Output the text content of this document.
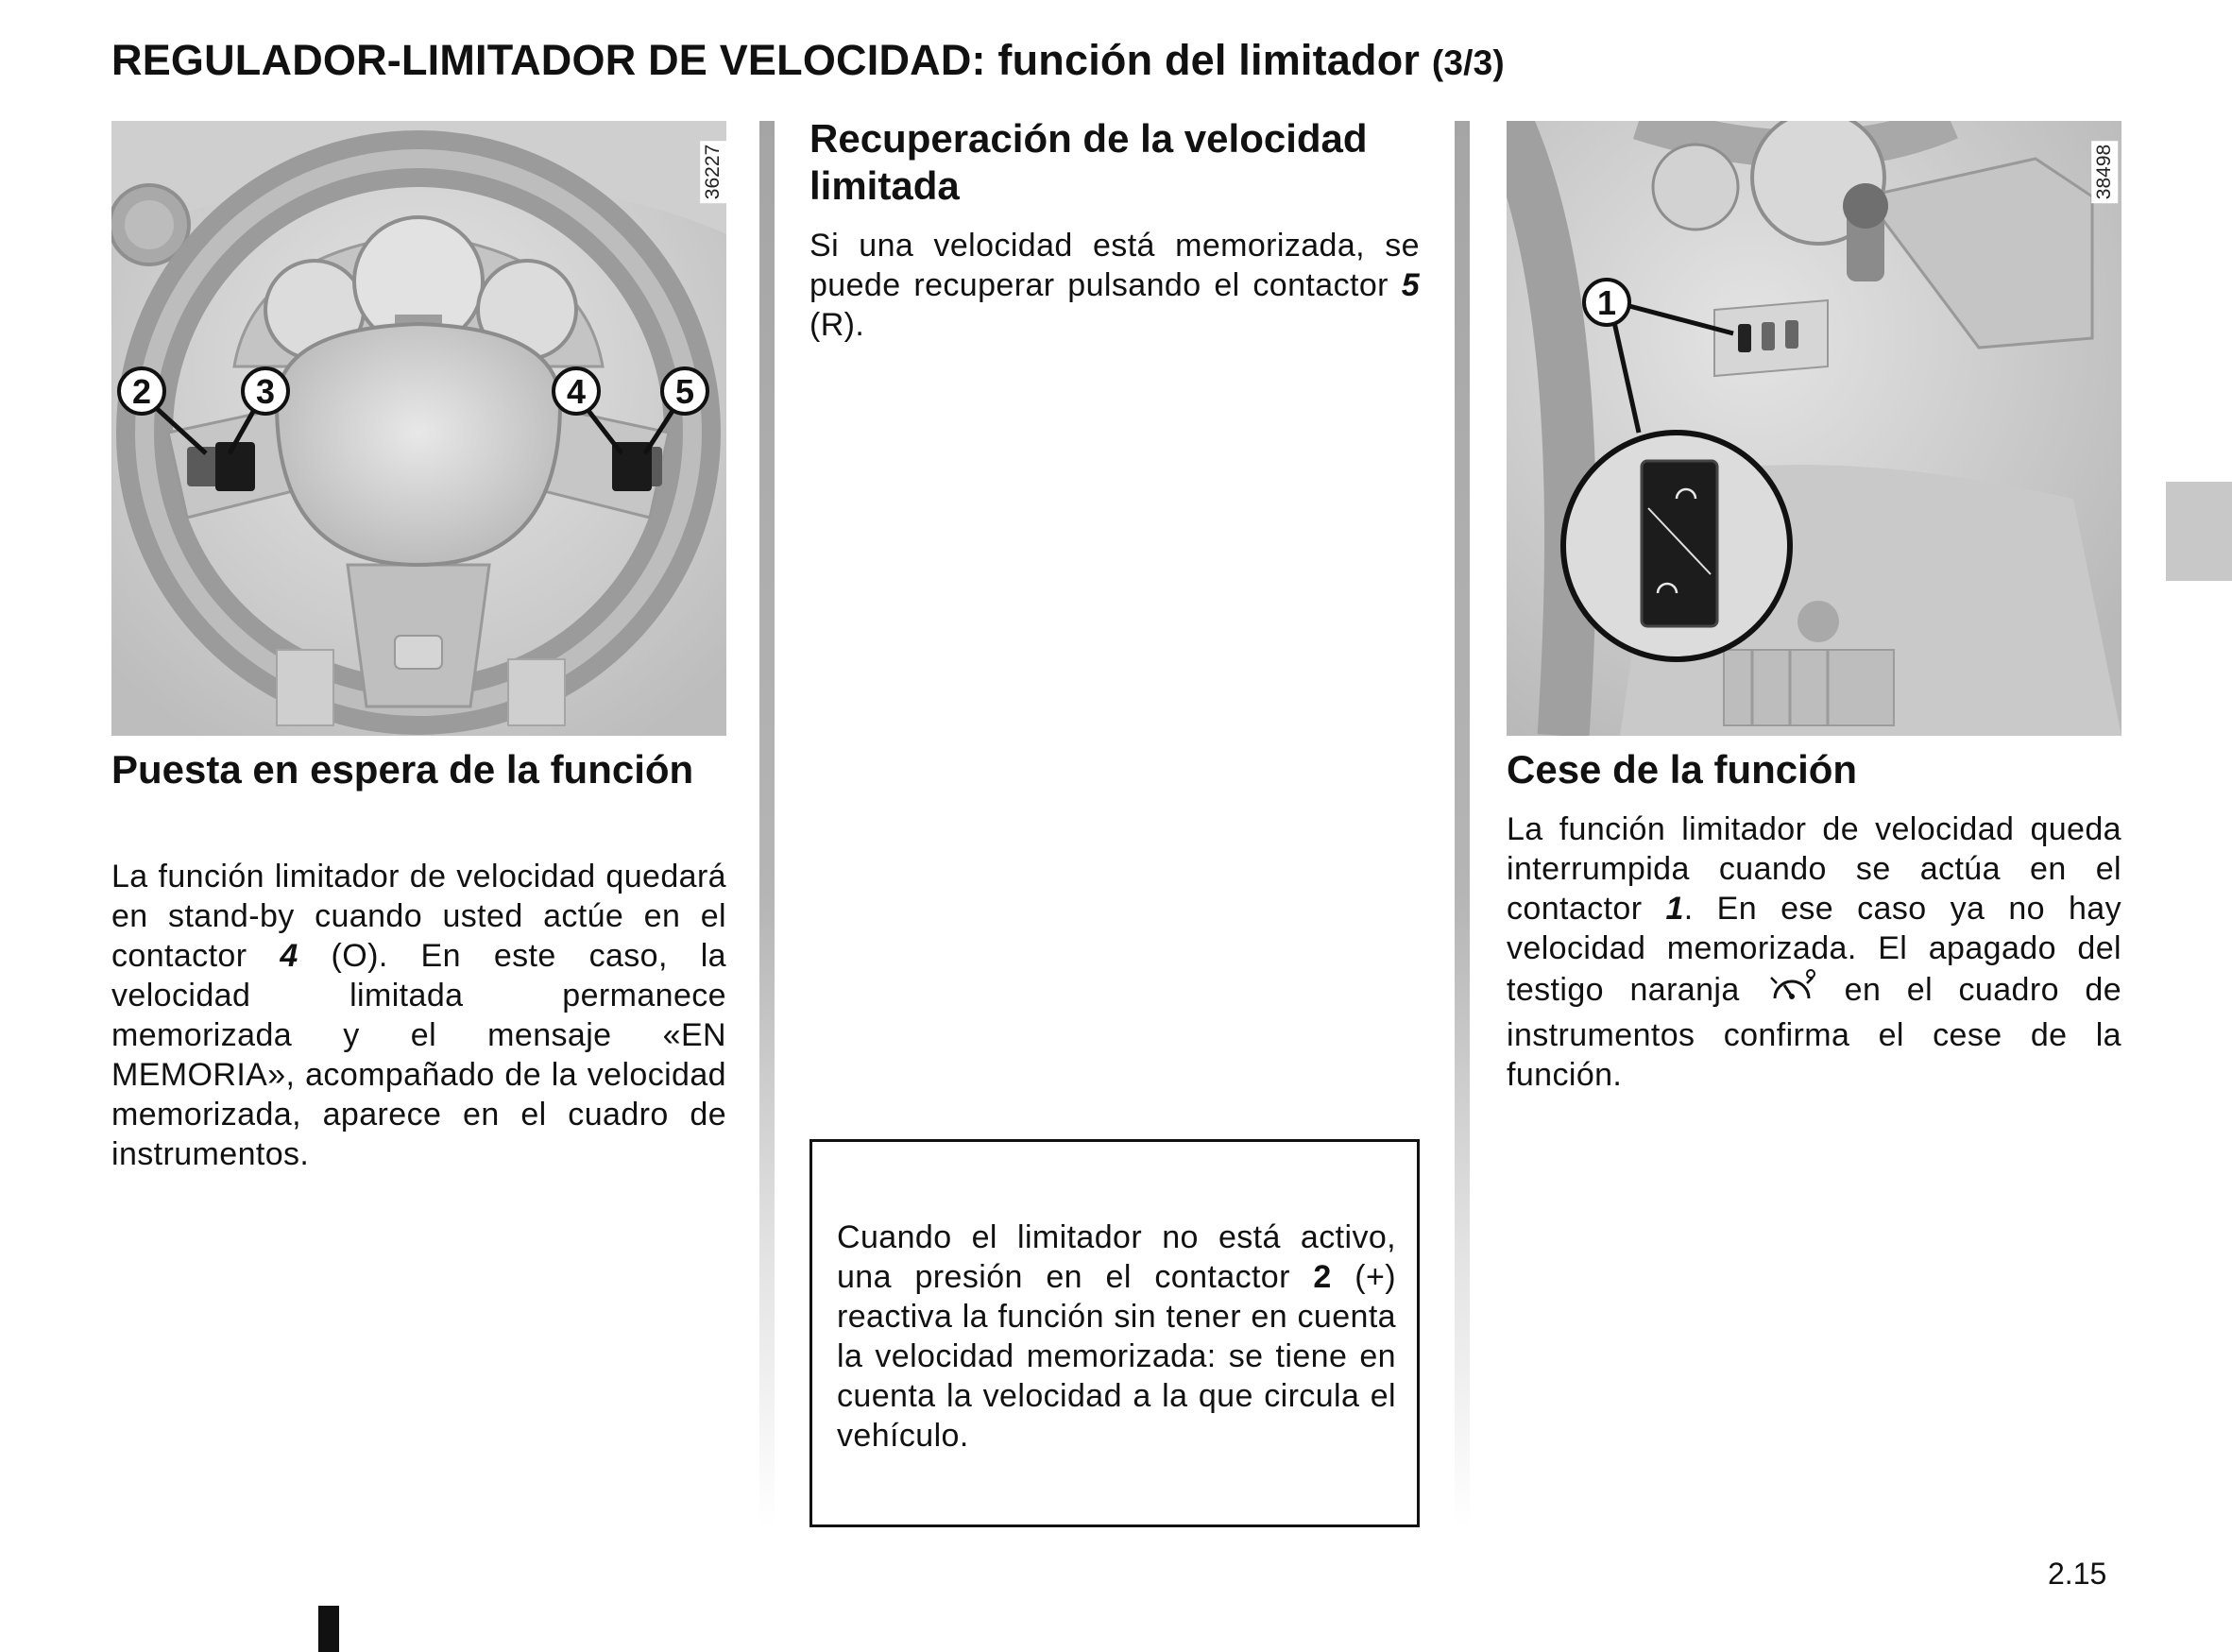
REGULADOR-LIMITADOR DE VELOCIDAD: función del limitador (3/3)
2	3	4	5
36227
Puesta en espera de la función
La función limitador de velocidad quedará en stand-by cuando usted actúe en el contactor 4 (O). En este caso, la velocidad limitada permanece memorizada y el mensaje «EN MEMORIA», acompañado de la velocidad memorizada, aparece en el cuadro de instrumentos.
Recuperación de la velocidad limitada
Si una velocidad está memorizada, se puede recuperar pulsando el contactor 5 (R).
Cuando el limitador no está activo, una presión en el contactor 2 (+) reactiva la función sin tener en cuenta la velocidad memorizada: se tiene en cuenta la velocidad a la que circula el vehículo.
1
38498
Cese de la función
La función limitador de velocidad queda interrumpida cuando se actúa en el contactor 1. En ese caso ya no hay velocidad memorizada. El apagado del testigo naranja  en el cuadro de instrumentos confirma el cese de la función.
2.15
